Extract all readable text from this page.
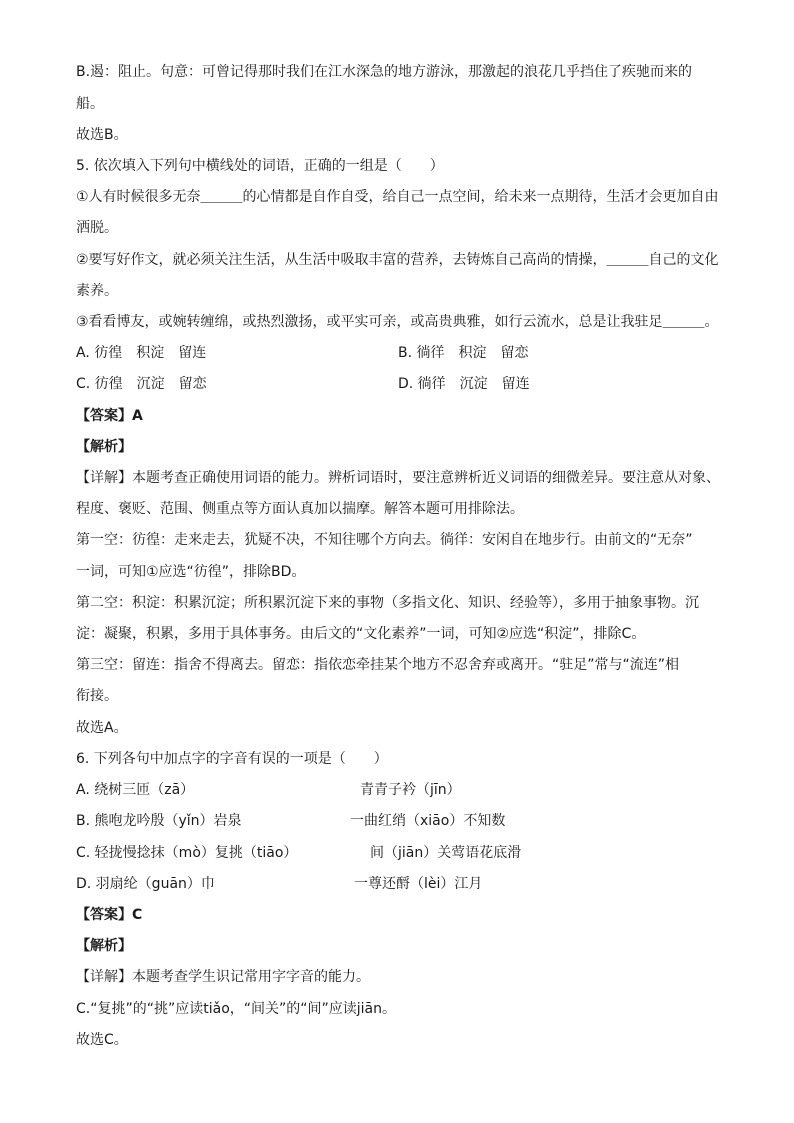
B.遏：阻止。句意：可曾记得那时我们在江水深急的地方游泳，那激起的浪花几乎挡住了疾驰而来的
船。
故选B。
5. 依次填入下列句中横线处的词语，正确的一组是（　　）
①人有时候很多无奈＿＿＿的心情都是自作自受，给自己一点空间，给未来一点期待，生活才会更加自由
洒脱。
②要写好作文，就必须关注生活，从生活中吸取丰富的营养，去铸炼自己高尚的情操，＿＿＿自己的文化
素养。
③看看博友，或婉转缠绵，或热烈激扬，或平实可亲，或高贵典雅，如行云流水，总是让我驻足＿＿＿。
A. 彷徨　积淀　留连	B. 徜徉　积淀　留恋
C. 彷徨　沉淀　留恋	D. 徜徉　沉淀　留连
【答案】A
【解析】
【详解】本题考查正确使用词语的能力。辨析词语时，要注意辨析近义词语的细微差异。要注意从对象、
程度、褒贬、范围、侧重点等方面认真加以揣摩。解答本题可用排除法。
第一空：彷徨：走来走去，犹疑不决，不知往哪个方向去。徜徉：安闲自在地步行。由前文的“无奈”
一词，可知①应选“彷徨”，排除BD。
第二空：积淀：积累沉淀；所积累沉淀下来的事物（多指文化、知识、经验等），多用于抽象事物。沉
淀：凝聚，积累，多用于具体事务。由后文的“文化素养”一词，可知②应选“积淀”，排除C。
第三空：留连：指舍不得离去。留恋：指依恋牵挂某个地方不忍舍弃或离开。“驻足”常与“流连”相
衔接。
故选A。
6. 下列各句中加点字的字音有误的一项是（　　）
A. 绕树三匝（zā）	青青子衿（jīn）
B. 熊咆龙吟殷（yǐn）岩泉	一曲红绡（xiāo）不知数
C. 轻拢慢捻抹（mò）复挑（tiāo）	间（jiān）关莺语花底滑
D. 羽扇纶（guān）巾	一尊还酹（lèi）江月
【答案】C
【解析】
【详解】本题考查学生识记常用字字音的能力。
C.“复挑”的“挑”应读tiǎo，“间关”的“间”应读jiān。
故选C。
